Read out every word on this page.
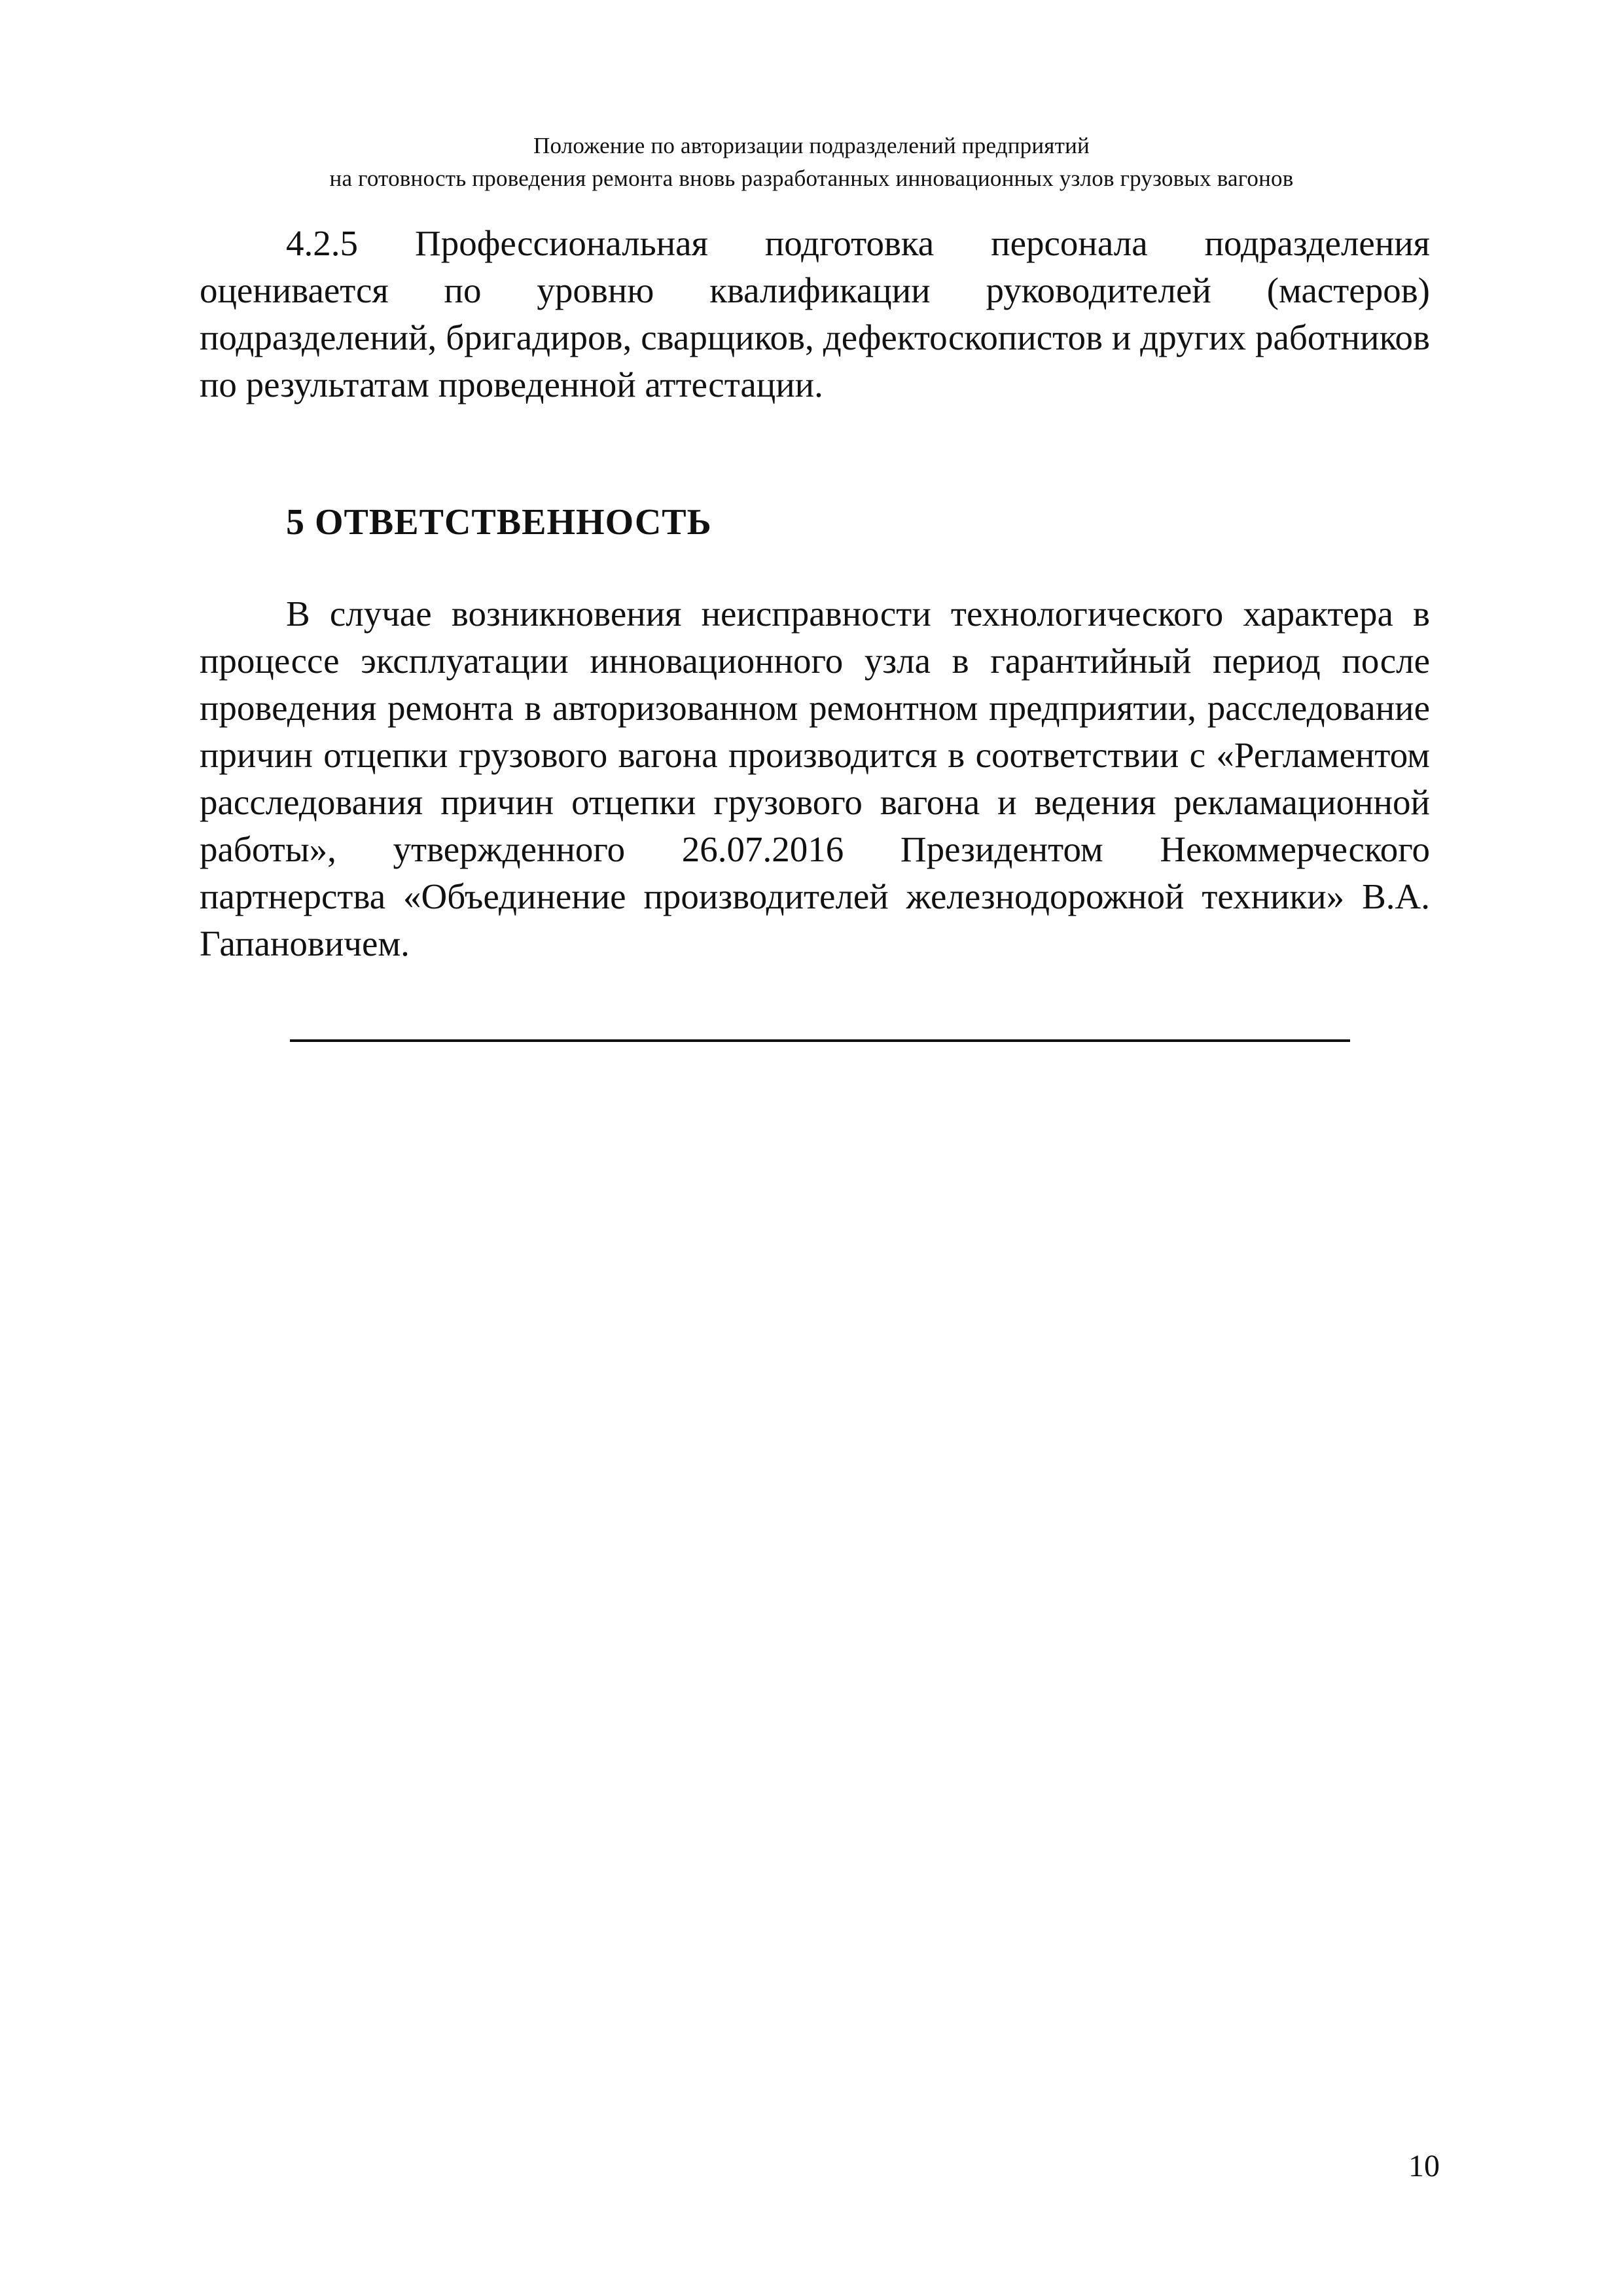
Положение по авторизации подразделений предприятий
на готовность проведения ремонта вновь разработанных инновационных узлов грузовых вагонов

4.2.5 Профессиональная подготовка персонала подразделения оценивается по уровню квалификации руководителей (мастеров) подразделений, бригадиров, сварщиков, дефектоскопистов и других работников по результатам проведенной аттестации.

5 ОТВЕТСТВЕННОСТЬ

В случае возникновения неисправности технологического характера в процессе эксплуатации инновационного узла в гарантийный период после проведения ремонта в авторизованном ремонтном предприятии, расследование причин отцепки грузового вагона производится в соответствии с «Регламентом расследования причин отцепки грузового вагона и ведения рекламационной работы», утвержденного 26.07.2016 Президентом Некоммерческого партнерства «Объединение производителей железнодорожной техники» В.А. Гапановичем.

10
